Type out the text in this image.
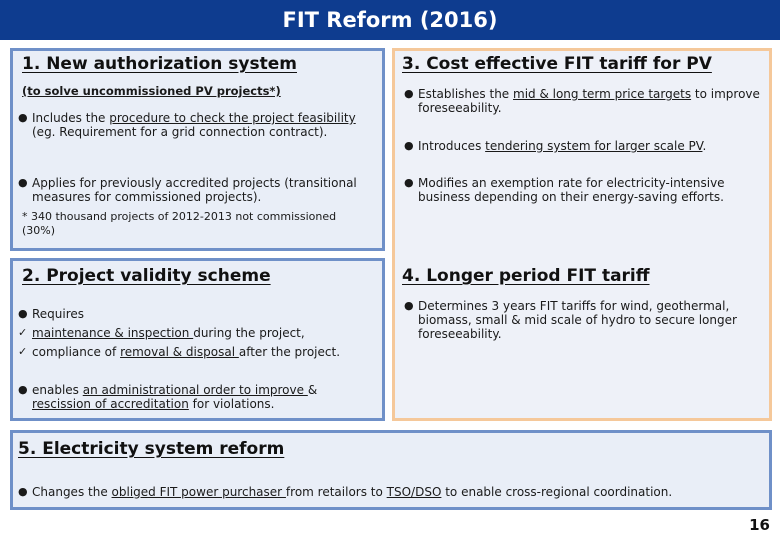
FIT Reform (2016)
1. New authorization system
(to solve uncommissioned PV projects*)
● Includes the procedure to check the project feasibility (eg. Requirement for a grid connection contract).
● Applies for previously accredited projects (transitional measures for commissioned projects).
* 340 thousand projects of 2012-2013 not commissioned (30%)
2. Project validity scheme
● Requires
✓ maintenance & inspection during the project,
✓ compliance of removal & disposal after the project.
● enables an administrational order to improve & rescission of accreditation for violations.
3. Cost effective FIT tariff for PV
● Establishes the mid & long term price targets to improve foreseeability.
● Introduces tendering system for larger scale PV.
● Modifies an exemption rate for electricity-intensive business depending on their energy-saving efforts.
4. Longer period FIT tariff
● Determines 3 years FIT tariffs for wind, geothermal, biomass, small & mid scale of hydro to secure longer foreseeability.
5. Electricity system reform
● Changes the obliged FIT power purchaser from retailors to TSO/DSO to enable cross-regional coordination.
16
